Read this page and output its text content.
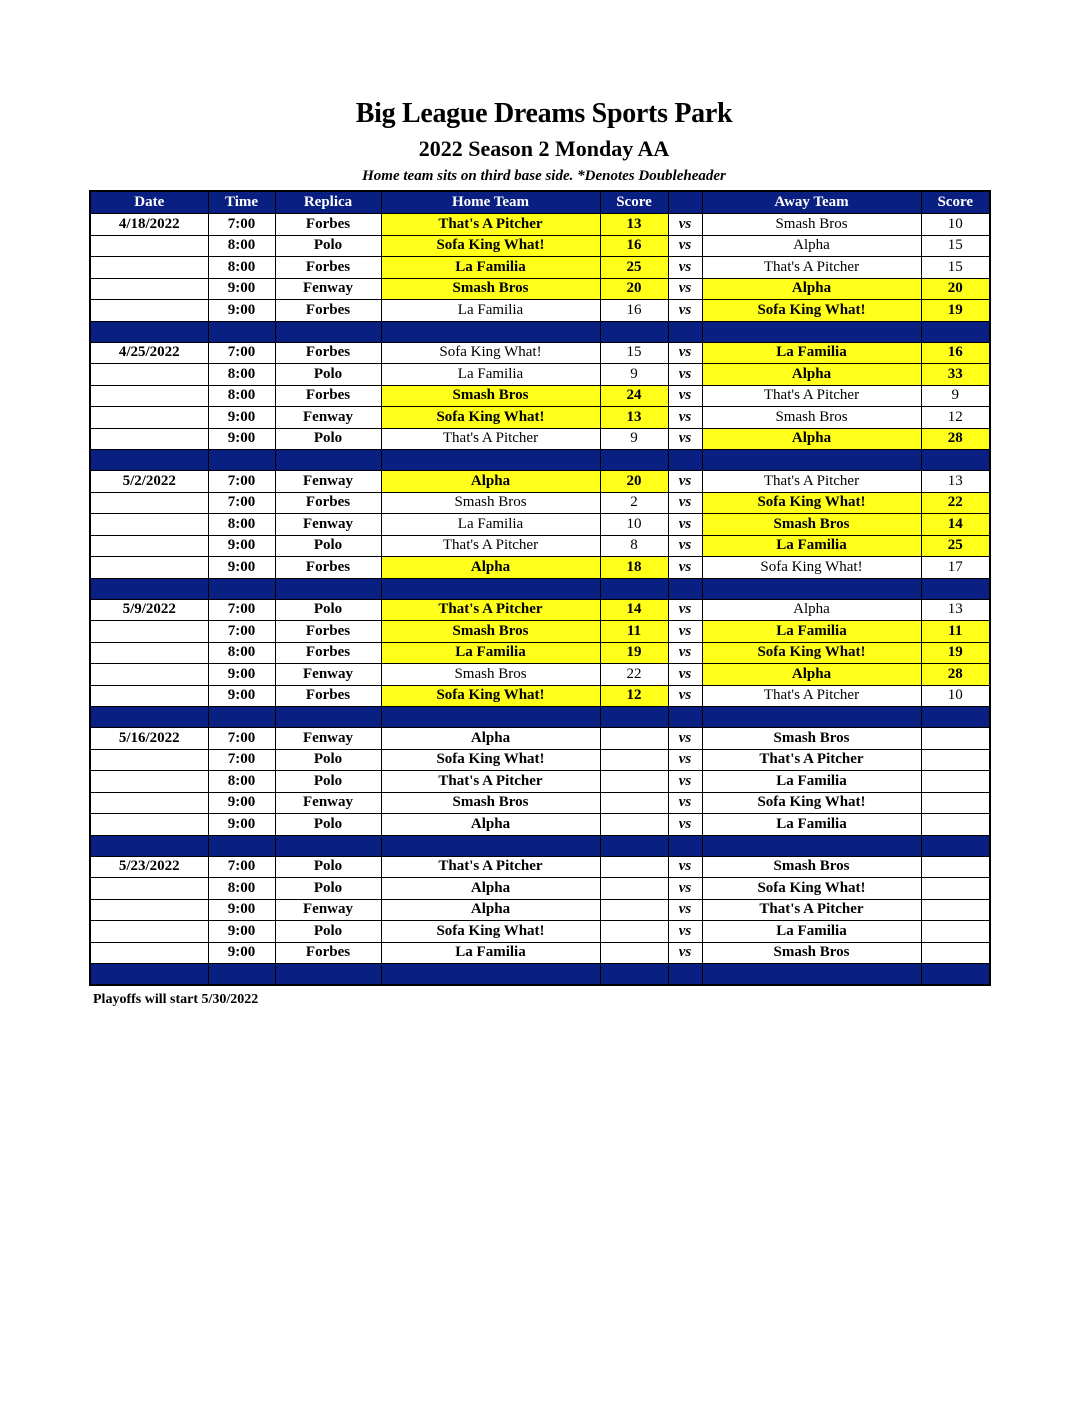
Big League Dreams Sports Park
2022 Season 2 Monday AA
Home team sits on third base side. *Denotes Doubleheader
Date	Time	Replica	Home Team	Score		Away Team	Score
4/18/2022	7:00	Forbes	That's A Pitcher	13	vs	Smash Bros	10
	8:00	Polo	Sofa King What!	16	vs	Alpha	15
	8:00	Forbes	La Familia	25	vs	That's A Pitcher	15
	9:00	Fenway	Smash Bros	20	vs	Alpha	20
	9:00	Forbes	La Familia	16	vs	Sofa King What!	19

4/25/2022	7:00	Forbes	Sofa King What!	15	vs	La Familia	16
	8:00	Polo	La Familia	9	vs	Alpha	33
	8:00	Forbes	Smash Bros	24	vs	That's A Pitcher	9
	9:00	Fenway	Sofa King What!	13	vs	Smash Bros	12
	9:00	Polo	That's A Pitcher	9	vs	Alpha	28

5/2/2022	7:00	Fenway	Alpha	20	vs	That's A Pitcher	13
	7:00	Forbes	Smash Bros	2	vs	Sofa King What!	22
	8:00	Fenway	La Familia	10	vs	Smash Bros	14
	9:00	Polo	That's A Pitcher	8	vs	La Familia	25
	9:00	Forbes	Alpha	18	vs	Sofa King What!	17

5/9/2022	7:00	Polo	That's A Pitcher	14	vs	Alpha	13
	7:00	Forbes	Smash Bros	11	vs	La Familia	11
	8:00	Forbes	La Familia	19	vs	Sofa King What!	19
	9:00	Fenway	Smash Bros	22	vs	Alpha	28
	9:00	Forbes	Sofa King What!	12	vs	That's A Pitcher	10

5/16/2022	7:00	Fenway	Alpha		vs	Smash Bros	
	7:00	Polo	Sofa King What!		vs	That's A Pitcher	
	8:00	Polo	That's A Pitcher		vs	La Familia	
	9:00	Fenway	Smash Bros		vs	Sofa King What!	
	9:00	Polo	Alpha		vs	La Familia	

5/23/2022	7:00	Polo	That's A Pitcher		vs	Smash Bros	
	8:00	Polo	Alpha		vs	Sofa King What!	
	9:00	Fenway	Alpha		vs	That's A Pitcher	
	9:00	Polo	Sofa King What!		vs	La Familia	
	9:00	Forbes	La Familia		vs	Smash Bros	

Playoffs will start 5/30/2022
